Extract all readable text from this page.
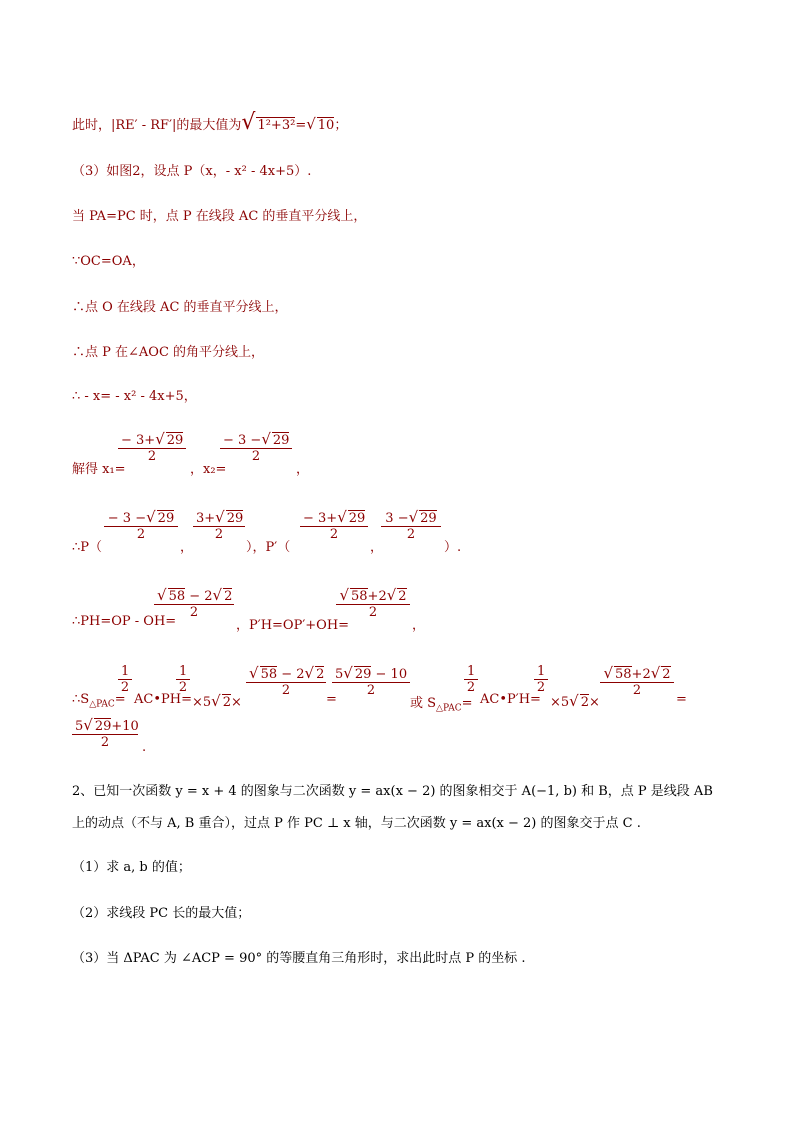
此时，|RE′ - RF′|的最大值为√ 1²+3²=√ 10；
（3）如图2，设点 P（x，- x² - 4x+5）.
当 PA=PC 时，点 P 在线段 AC 的垂直平分线上，
∵OC=OA，
∴点 O 在线段 AC 的垂直平分线上，
∴点 P 在∠AOC 的角平分线上，
∴ - x= - x² - 4x+5，
解得 x₁=
− 3+√ 29
2
，x₂=
− 3 −√ 29
2
，
∴P（
− 3 −√ 29
2
，
3+√ 29
2
），P′（
− 3+√ 29
2
，
3 −√ 29
2
）.
∴PH=OP - OH=
√ 58 − 2√ 2
2
，P′H=OP′+OH=
√ 58+2√ 2
2
，
$\therefore S_{\triangle PAC}=$
1
2
AC•PH=
1
2
×5√ 2×
√ 58 − 2√ 2
2
=
5√ 29 − 10
2
或 $S_{\triangle PAC}=$
1
2
AC•P′H=
1
2
×5√ 2×
√ 58+2√ 2
2
=
5√ 29+10
2	.
2、已知一次函数 y = x + 4 的图象与二次函数 y = ax(x − 2) 的图象相交于 A(−1, b) 和 B，点 P 是线段 AB
上的动点（不与 A, B 重合），过点 P 作 PC ⊥ x 轴，与二次函数 y = ax(x − 2) 的图象交于点 C .
（1）求 a, b 的值；
（2）求线段 PC 长的最大值；
（3）当 ΔPAC 为 ∠ACP = 90° 的等腰直角三角形时，求出此时点 P 的坐标 .
